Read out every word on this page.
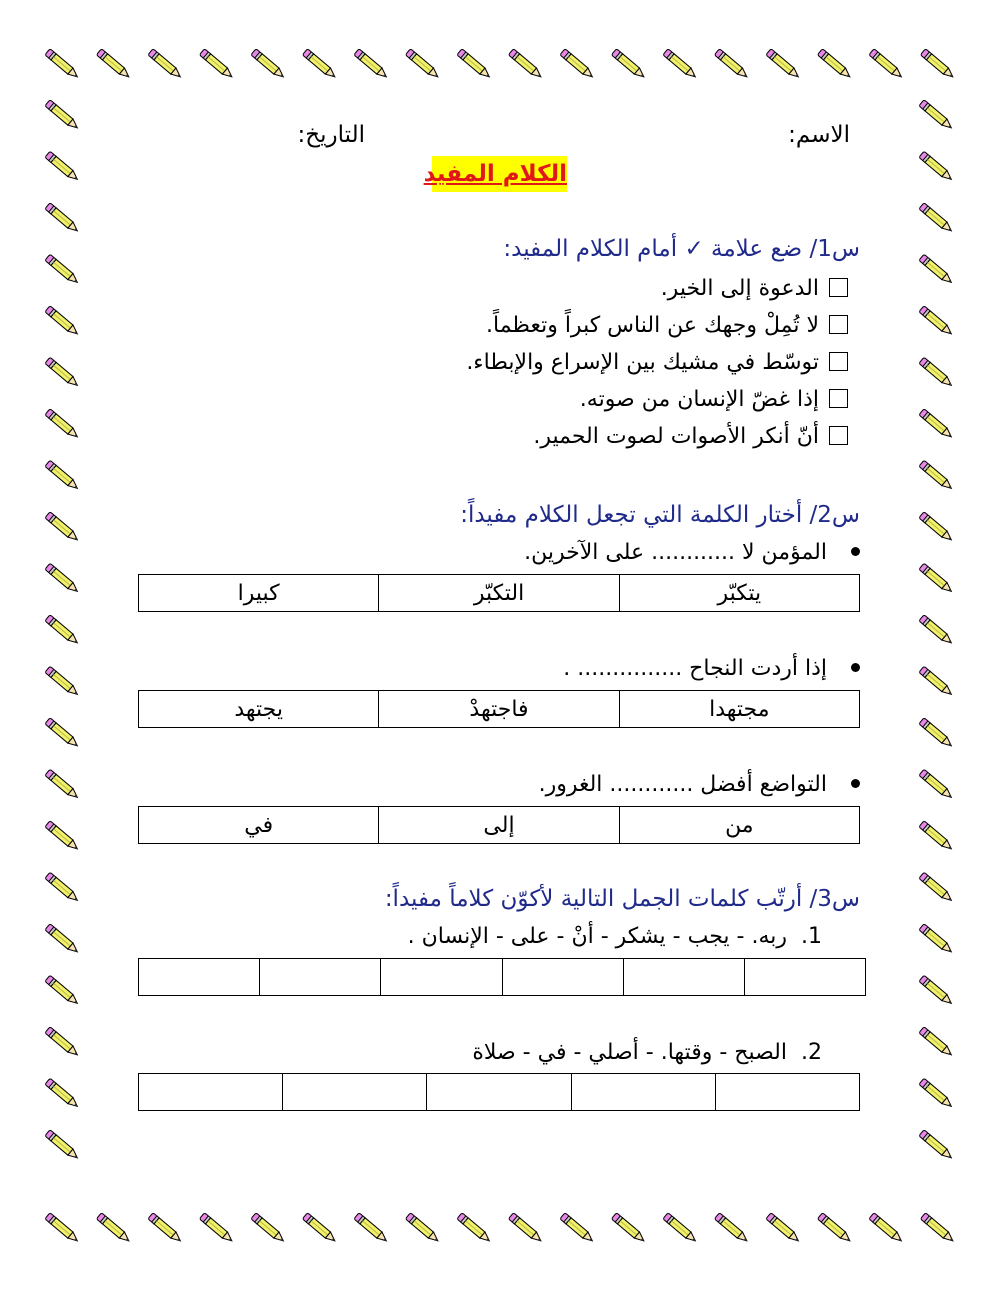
الاسم:
التاريخ:
الكلام المفيد
س1/ ضع علامة ✓ أمام الكلام المفيد:
الدعوة إلى الخير.
لا تُمِلْ وجهك عن الناس كبراً وتعظماً.
توسّط في مشيك بين الإسراع والإبطاء.
إذا غضّ الإنسان من صوته.
أنّ أنكر الأصوات لصوت الحمير.
س2/ أختار الكلمة التي تجعل الكلام مفيداً:
المؤمن لا ............ على الآخرين.
يتكبّر	التكبّر	كبيرا
إذا أردت النجاح ............... .
مجتهدا	فاجتهدْ	يجتهد
التواضع أفضل ............ الغرور.
من	إلى	في
س3/ أرتّب كلمات الجمل التالية لأكوّن كلاماً مفيداً:
1.ربه. - يجب - يشكر - أنْ - على - الإنسان .

2.الصبح - وقتها. - أصلي - في - صلاة
